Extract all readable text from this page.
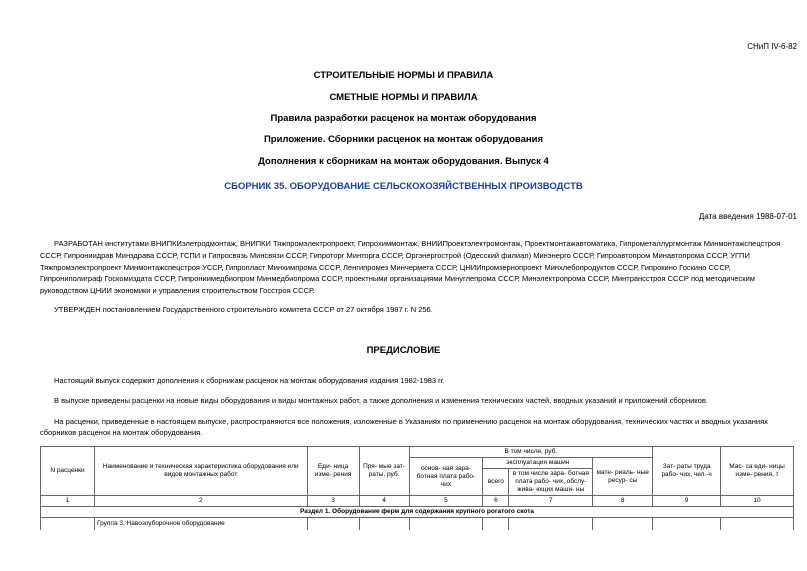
СНиП IV-6-82
СТРОИТЕЛЬНЫЕ НОРМЫ И ПРАВИЛА
СМЕТНЫЕ НОРМЫ И ПРАВИЛА
Правила разработки расценок на монтаж оборудования
Приложение. Сборники расценок на монтаж оборудования
Дополнения к сборникам на монтаж оборудования. Выпуск 4
СБОРНИК 35. ОБОРУДОВАНИЕ СЕЛЬСКОХОЗЯЙСТВЕННЫХ ПРОИЗВОДСТВ
Дата введения 1988-07-01
РАЗРАБОТАН институтами ВНИПКИэлетродмонтаж, ВНИПКИ Тяжпромэлектропроект, Гипрохиммонтаж, ВНИИПроектэлектромонтаж, Проектмонтажавтоматика, Гипрометаллургмонтаж Минмонтажспецстроя
СССР, Гипрониидрав Минздрава СССР, ГСПИ и Гипросвязь Минсвязи СССР, Гипроторг Минторга СССР, Оргэнергострой (Одесский филиал) Минэнерго СССР, Гипроавтопром Минавтопрома СССР, УГПИ
Тяжпромэлектропроект Минмонтажспецстроя УССР, Гипропласт Минхимпрома СССР, Ленгипромез Минчермета СССР, ЦНИИпромзернопроект Минхлебопродуктов СССР, Гипрокино Госкино СССР,
Гипрониполиграф Госкомиздата СССР, Гипрониимедбиопром Минмедбиопрома СССР, проектными организациями Минуглепрома СССР, Минэлектропрома СССР, Минтрансстроя СССР под методическим
руководством ЦНИИ экономики и управления строительством Госстроя СССР.
УТВЕРЖДЕН постановлением Государственного строительного комитета СССР от 27 октября 1987 г. N 256.
ПРЕДИСЛОВИЕ
Настоящий выпуск содержит дополнения к сборникам расценок на монтаж оборудования издания 1982-1983 гг.
В выпуске приведены расценки на новые виды оборудования и виды монтажных работ, а также дополнения и изменения технических частей, вводных указаний и приложений сборников.
На расценки, приведенные в настоящем выпуске, распространяются все положения, изложенные в Указаниях по применению расценок на монтаж оборудования, технических частях и вводных указаниях
сборников расценок на монтаж оборудования.
N расценки	Наименование и техническая характеристика оборудования или видов монтажных работ	Еди- ница изме- рения	Пря- мые зат- раты, руб.	В том числе, руб.				Зат- раты труда рабо- чих, чел.-ч	Мас- са еди- ницы изме- рения, т
				основ- ная зара- ботная плата рабо- чих	эксплуатация машин		мате- риаль- ные ресур- сы		
					всего	в том числе зара- ботная плата рабо- чих, обслу- жива- ющих маши- ны			
1	2	3	4	5	6	7	8	9	10
Раздел 1. Оборудование ферм для содержания крупного рогатого скота									
	Группа 3. Навозоуборочное оборудование								
